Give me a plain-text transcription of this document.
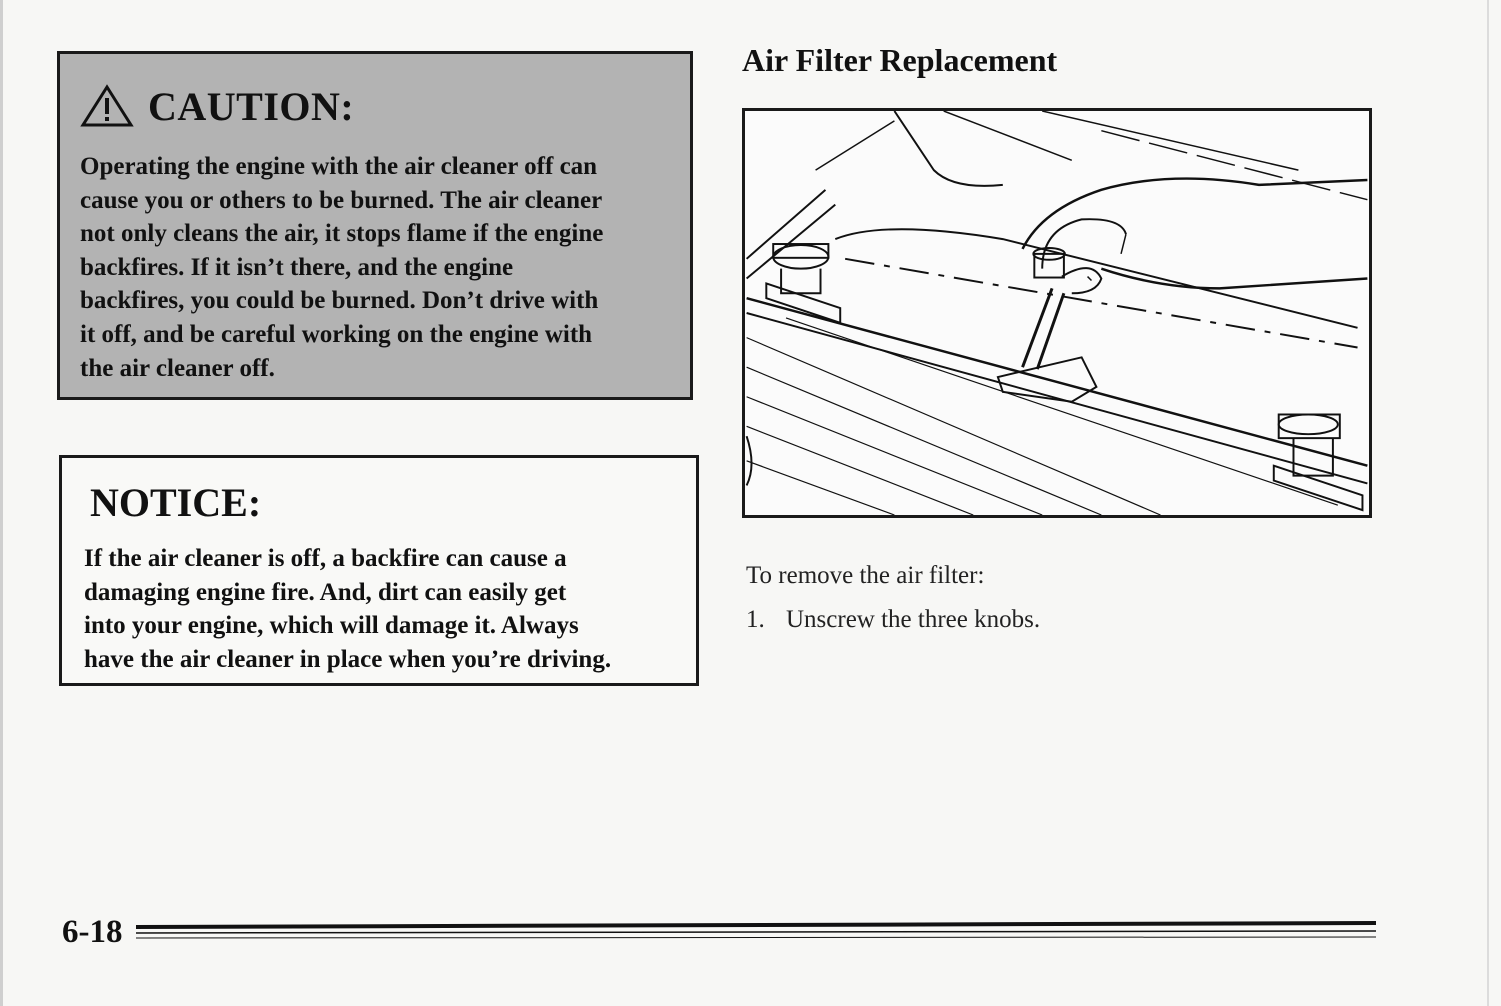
CAUTION:
Operating the engine with the air cleaner off can
cause you or others to be burned. The air cleaner
not only cleans the air, it stops flame if the engine
backfires. If it isn’t there, and the engine
backfires, you could be burned. Don’t drive with
it off, and be careful working on the engine with
the air cleaner off.
NOTICE:
If the air cleaner is off, a backfire can cause a
damaging engine fire. And, dirt can easily get
into your engine, which will damage it. Always
have the air cleaner in place when you’re driving.
Air Filter Replacement
To remove the air filter:
1. Unscrew the three knobs.
6-18
